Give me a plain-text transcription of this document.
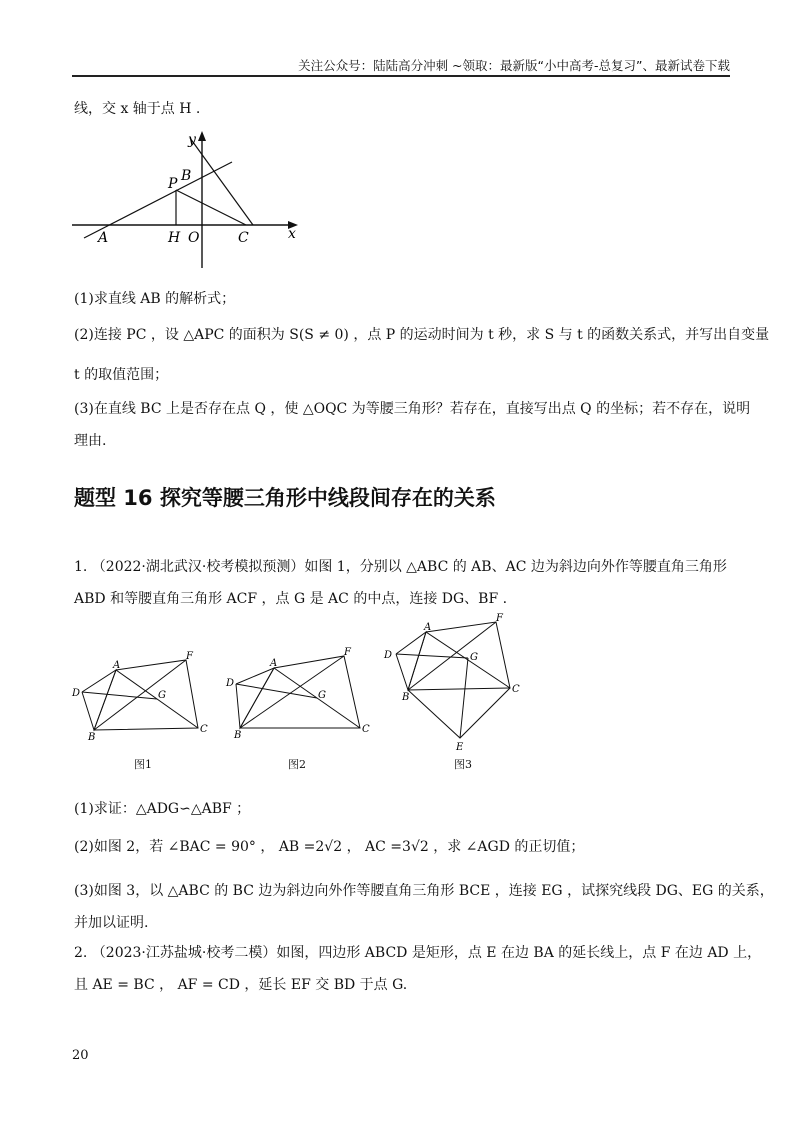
关注公众号：陆陆高分冲刺 ~领取：最新版“小中高考-总复习”、最新试卷下载
线，交 x 轴于点 H .
y
x
B
P
A	H O	C
(1)求直线 AB 的解析式；
(2)连接 PC ，设 △APC 的面积为 S(S ≠ 0) ，点 P 的运动时间为 t 秒，求 S 与 t 的函数关系式，并写出自变量
t 的取值范围；
(3)在直线 BC 上是否存在点 Q ，使 △OQC 为等腰三角形？若存在，直接写出点 Q 的坐标；若不存在，说明
理由.
题型 16 探究等腰三角形中线段间存在的关系
1. （2022·湖北武汉·校考模拟预测）如图 1，分别以 △ABC 的 AB、AC 边为斜边向外作等腰直角三角形
ABD 和等腰直角三角形 ACF ，点 G 是 AC 的中点，连接 DG、BF .
A
F
D	G
B
C
图1
A
F
D
G
B
C
图2
A
F
D	G
B
C
E
图3
(1)求证：△ADG∽△ABF ；
(2)如图 2，若 ∠BAC = 90° ， AB =2√2 ， AC =3√2 ，求 ∠AGD 的正切值；
(3)如图 3，以 △ABC 的 BC 边为斜边向外作等腰直角三角形 BCE ，连接 EG ，试探究线段 DG、EG 的关系，
并加以证明.
2. （2023·江苏盐城·校考二模）如图，四边形 ABCD 是矩形，点 E 在边 BA 的延长线上，点 F 在边 AD 上，
且 AE = BC ， AF = CD ，延长 EF 交 BD 于点 G.
20
